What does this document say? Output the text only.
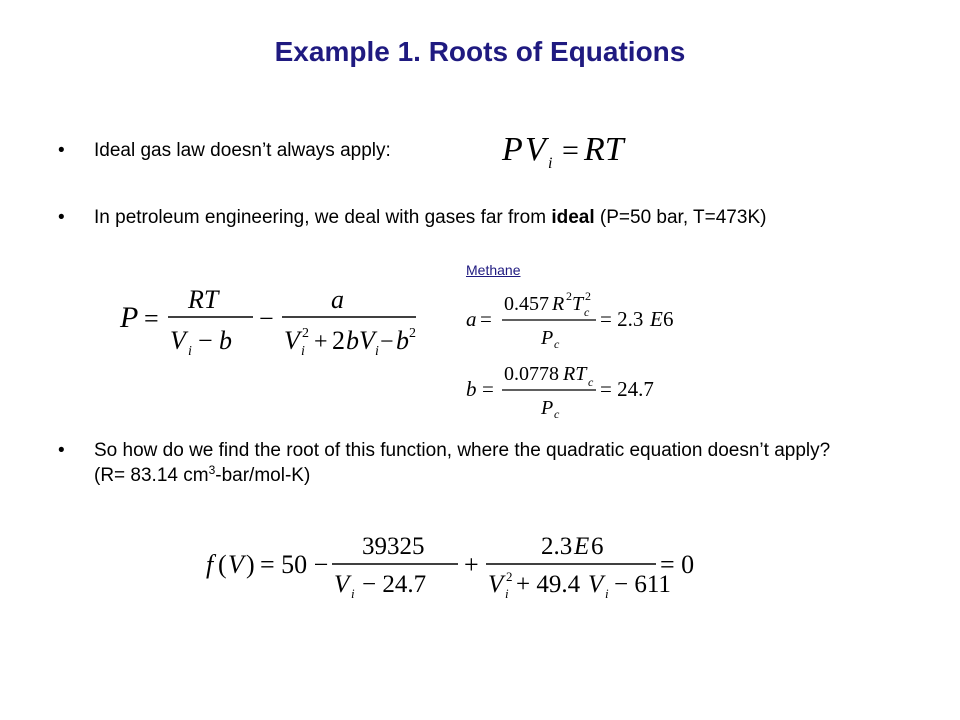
Example 1. Roots of Equations
• Ideal gas law doesn’t always apply:	P V i = RT
• In petroleum engineering, we deal with gases far from ideal (P=50 bar, T=473K)
Methane
P =
RT
V i − b
−
a
V i
2 + 2 bV i − b 2
a =
0.457 R 2 T c
2
P c
= 2.3 E 6
b =
0.0778 RT c
P c
= 24.7
• So how do we find the root of this function, where the quadratic equation doesn’t apply? (R= 83.14 $cm^3-bar/mol-K$)
f ( V ) = 50 −
39325
V i − 24.7
+
2.3 E 6
V i
2 + 49.4 V i − 611
= 0
